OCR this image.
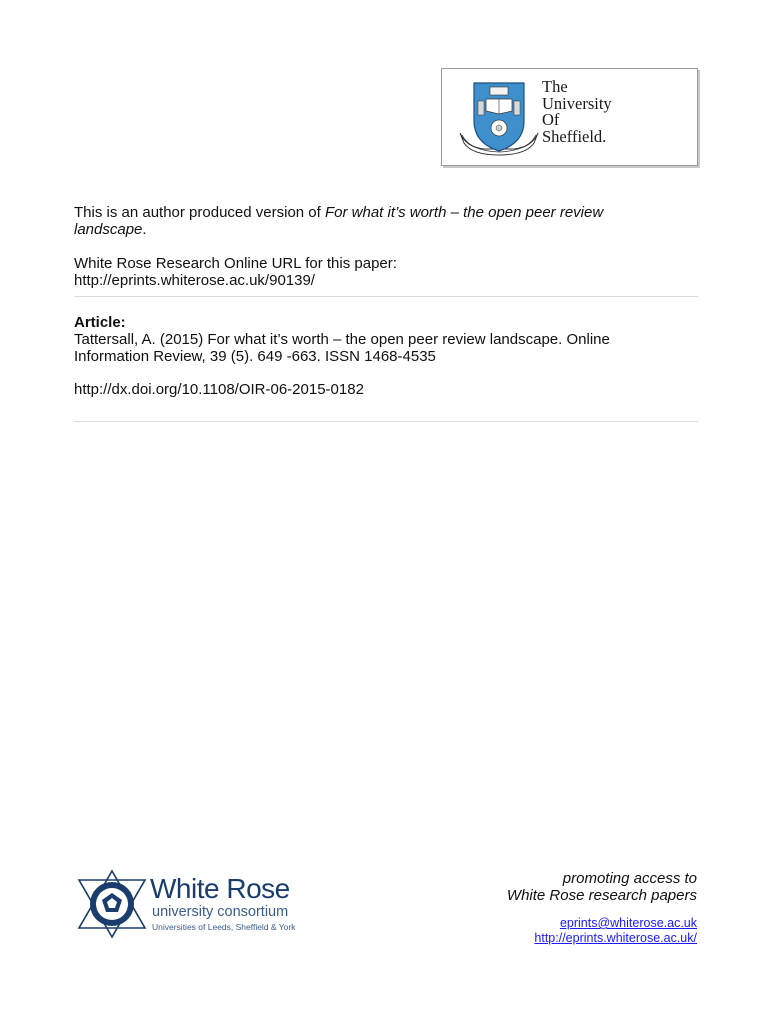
The
University
Of
Sheffield.
This is an author produced version of For what it’s worth – the open peer review
landscape.
White Rose Research Online URL for this paper:
http://eprints.whiterose.ac.uk/90139/
Article:
Tattersall, A. (2015) For what it’s worth – the open peer review landscape. Online
Information Review, 39 (5). 649 -663. ISSN 1468-4535
http://dx.doi.org/10.1108/OIR-06-2015-0182
White Rose
university consortium
Universities of Leeds, Sheffield & York
promoting access to
White Rose research papers
eprints@whiterose.ac.uk
http://eprints.whiterose.ac.uk/
